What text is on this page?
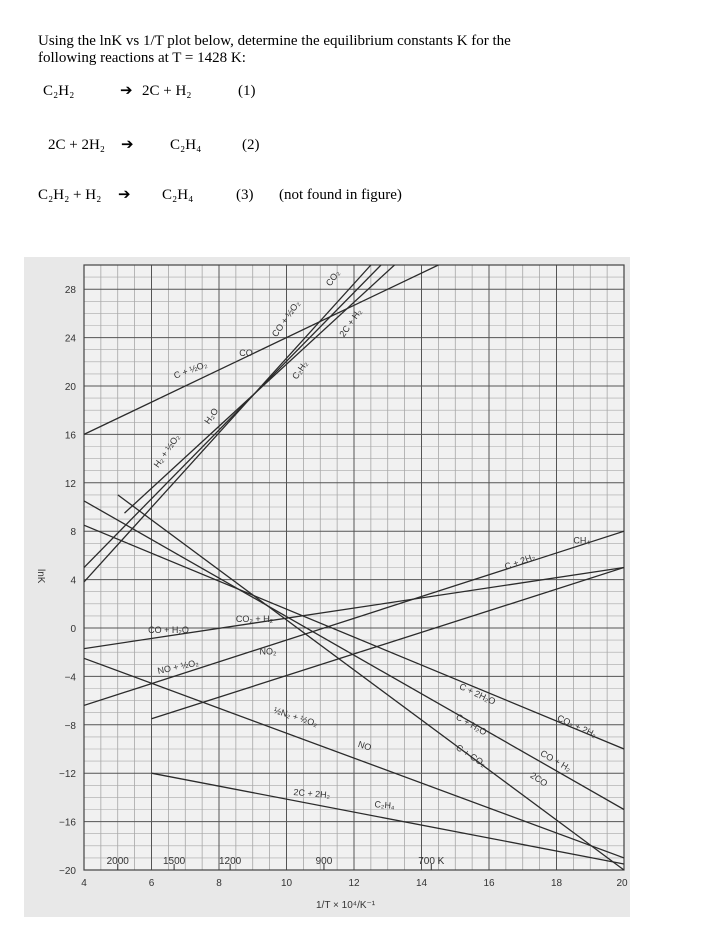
Using the lnK vs 1/T plot below, determine the equilibrium constants K for the
following reactions at T = 1428 K:
C₂H₂	➔ 2C + H₂	(1)
2C + 2H₂ ➔ C₂H₄	(2)
C₂H₂ + H₂ ➔ C₂H₄	(3) (not found in figure)
C + ½O₂
CO
CO + ½O₂
CO₂
C₂H₂
2C + H₂
H₂ + ½O₂
H₂O
C + 2H₂
CH₄
CO + H₂O
CO₂ + H₂
NO + ½O₂
NO₂
C + 2H₂O
CO₂ + 2H₂
C + H₂O
CO + H₂
C + CO₂
2CO
½N₂ + ½O₂
NO
2C + 2H₂
C₂H₄
28
24
20
16
12
8
4
0
−4
−8
−12
−16
−20
4	6	8	10	12	14	16	18	20
2000	1500	1200	900	700 K
lnK
1/T × 10⁴/K⁻¹
